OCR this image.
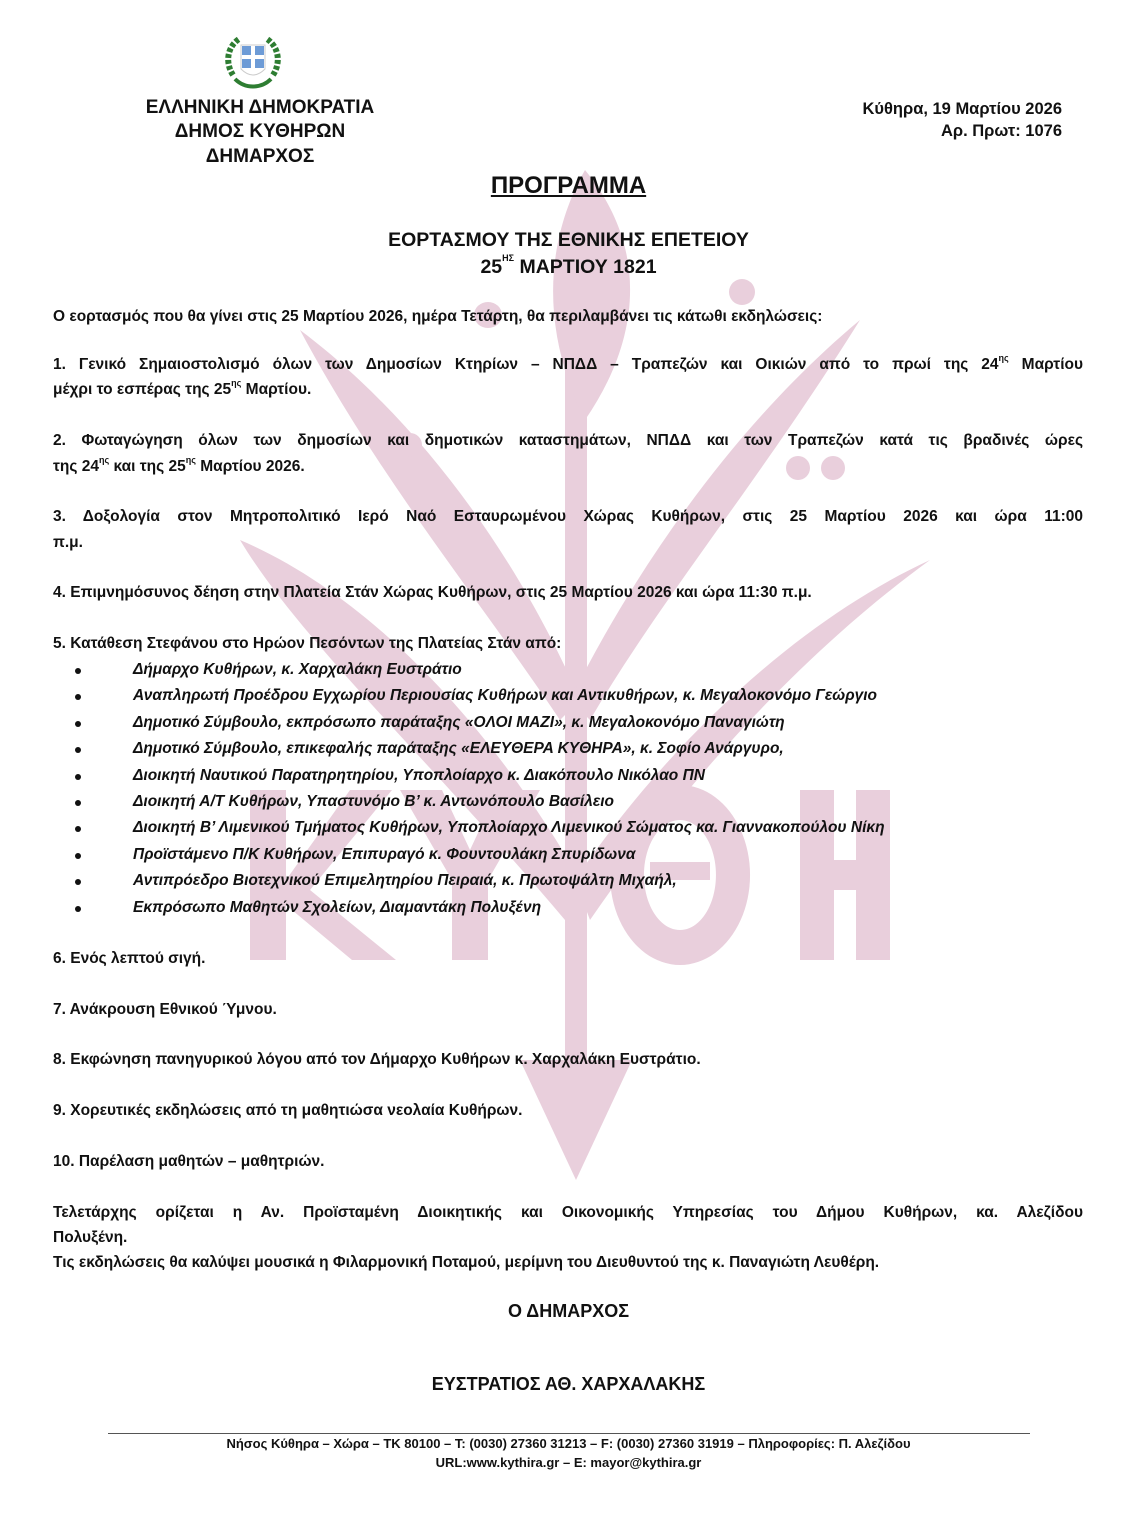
ΕΛΛΗΝΙΚΗ ΔΗΜΟΚΡΑΤΙΑ
ΔΗΜΟΣ ΚΥΘΗΡΩΝ
ΔΗΜΑΡΧΟΣ
Κύθηρα, 19 Μαρτίου 2026
Αρ. Πρωτ: 1076
ΠΡΟΓΡΑΜΜΑ
ΕΟΡΤΑΣΜΟΥ ΤΗΣ ΕΘΝΙΚΗΣ ΕΠΕΤΕΙΟΥ
$25^{H\Sigma}$ ΜΑΡΤΙΟΥ 1821
Ο εορτασμός που θα γίνει στις 25 Μαρτίου 2026, ημέρα Τετάρτη, θα περιλαμβάνει τις κάτωθι εκδηλώσεις:
1. Γενικό Σημαιοστολισμό όλων των Δημοσίων Κτηρίων – ΝΠΔΔ – Τραπεζών και Οικιών από το πρωί της $24^{\eta\varsigma}$ Μαρτίου
μέχρι το εσπέρας της $25^{\eta\varsigma}$ Μαρτίου.
2. Φωταγώγηση όλων των δημοσίων και δημοτικών καταστημάτων, ΝΠΔΔ και των Τραπεζών κατά τις βραδινές ώρες
της $24^{\eta\varsigma}$ και της $25^{\eta\varsigma}$ Μαρτίου 2026.
3. Δοξολογία στον Μητροπολιτικό Ιερό Ναό Εσταυρωμένου Χώρας Κυθήρων, στις 25 Μαρτίου 2026 και ώρα 11:00
π.μ.
4. Επιμνημόσυνος δέηση στην Πλατεία Στάν Χώρας Κυθήρων, στις 25 Μαρτίου 2026 και ώρα 11:30 π.μ.
5. Κατάθεση Στεφάνου στο Ηρώον Πεσόντων της Πλατείας Στάν από:
Δήμαρχο Κυθήρων, κ. Χαρχαλάκη Ευστράτιο
Αναπληρωτή Προέδρου Εγχωρίου Περιουσίας Κυθήρων και Αντικυθήρων, κ. Μεγαλοκονόμο Γεώργιο
Δημοτικό Σύμβουλο, εκπρόσωπο παράταξης «ΟΛΟΙ ΜΑΖΙ», κ. Μεγαλοκονόμο Παναγιώτη
Δημοτικό Σύμβουλο, επικεφαλής παράταξης «ΕΛΕΥΘΕΡΑ ΚΥΘΗΡΑ», κ. Σοφίο Ανάργυρο,
Διοικητή Ναυτικού Παρατηρητηρίου, Υποπλοίαρχο κ. Διακόπουλο Νικόλαο ΠΝ
Διοικητή Α/Τ Κυθήρων, Υπαστυνόμο Β’ κ. Αντωνόπουλο Βασίλειο
Διοικητή Β’ Λιμενικού Τμήματος Κυθήρων, Υποπλοίαρχο Λιμενικού Σώματος κα. Γιαννακοπούλου Νίκη
Προϊστάμενο Π/Κ Κυθήρων, Επιπυραγό κ. Φουντουλάκη Σπυρίδωνα
Αντιπρόεδρο Βιοτεχνικού Επιμελητηρίου Πειραιά, κ. Πρωτοψάλτη Μιχαήλ,
Εκπρόσωπο Μαθητών Σχολείων, Διαμαντάκη Πολυξένη
6. Ενός λεπτού σιγή.
7. Ανάκρουση Εθνικού Ύμνου.
8. Εκφώνηση πανηγυρικού λόγου από τον Δήμαρχο Κυθήρων κ. Χαρχαλάκη Ευστράτιο.
9. Χορευτικές εκδηλώσεις από τη μαθητιώσα νεολαία Κυθήρων.
10. Παρέλαση μαθητών – μαθητριών.
Τελετάρχης ορίζεται η Αν. Προϊσταμένη Διοικητικής και Οικονομικής Υπηρεσίας του Δήμου Κυθήρων, κα. Αλεζίδου
Πολυξένη.
Τις εκδηλώσεις θα καλύψει μουσικά η Φιλαρμονική Ποταμού, μερίμνη του Διευθυντού της κ. Παναγιώτη Λευθέρη.
Ο ΔΗΜΑΡΧΟΣ
ΕΥΣΤΡΑΤΙΟΣ ΑΘ. ΧΑΡΧΑΛΑΚΗΣ
Νήσος Κύθηρα – Χώρα – ΤΚ 80100 – T: (0030) 27360 31213 – F: (0030) 27360 31919 – Πληροφορίες: Π. Αλεζίδου
URL:www.kythira.gr – E: mayor@kythira.gr
